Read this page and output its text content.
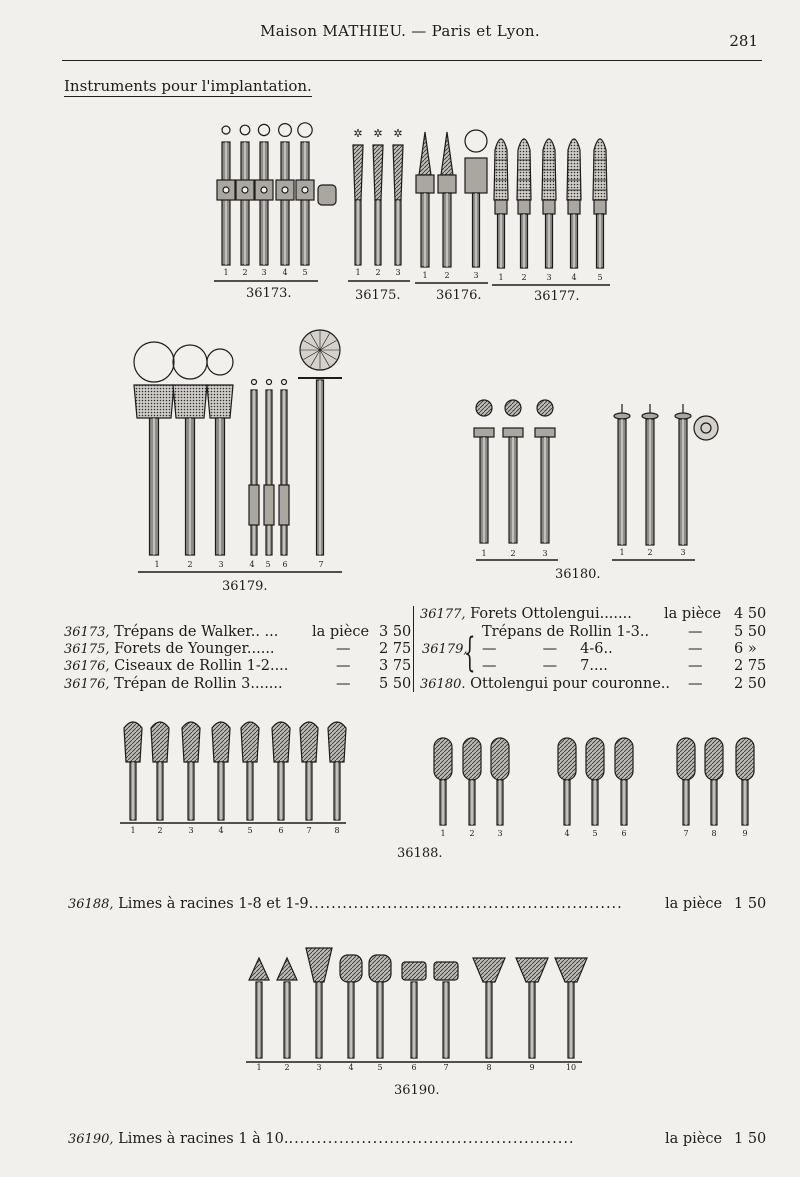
Maison MATHIEU. — Paris et Lyon.
281
Instruments pour l'implantation.
1 2 3 4 5
✲
1
✲
2
✲
3	1 2	3 1 2 3 4	5
1	2	3	4 5 6	7
1	2	3	1	2	3
1	2	3	4	5	6	7	8	1	2	3	4	5	6	7	8	9
1	2	3	4	5	6	7	8	9	10
36173.	36175.	36176.	36177.
36179.
36180.
36188.
36190.
36173, Trépans de Walker.. ... la pièce 3 50
36175, Forets de Younger......	— 2 75
36176, Ciseaux de Rollin 1-2....	— 3 75
36176, Trépan de Rollin 3.......	— 5 50
36177, Forets Ottolengui....... la pièce 4 50
36179,
{ Trépans de Rollin 1-3..	— 5 50
—          —     4-6..	— 6 »
—          —     7....	— 2 75
36180. Ottolengui pour couronne.. — 2 50
36188, Limes à racines 1-8 et 1-9........................................................	la pièce 1 50
36190, Limes à racines 1 à 10....................................................	la pièce 1 50
